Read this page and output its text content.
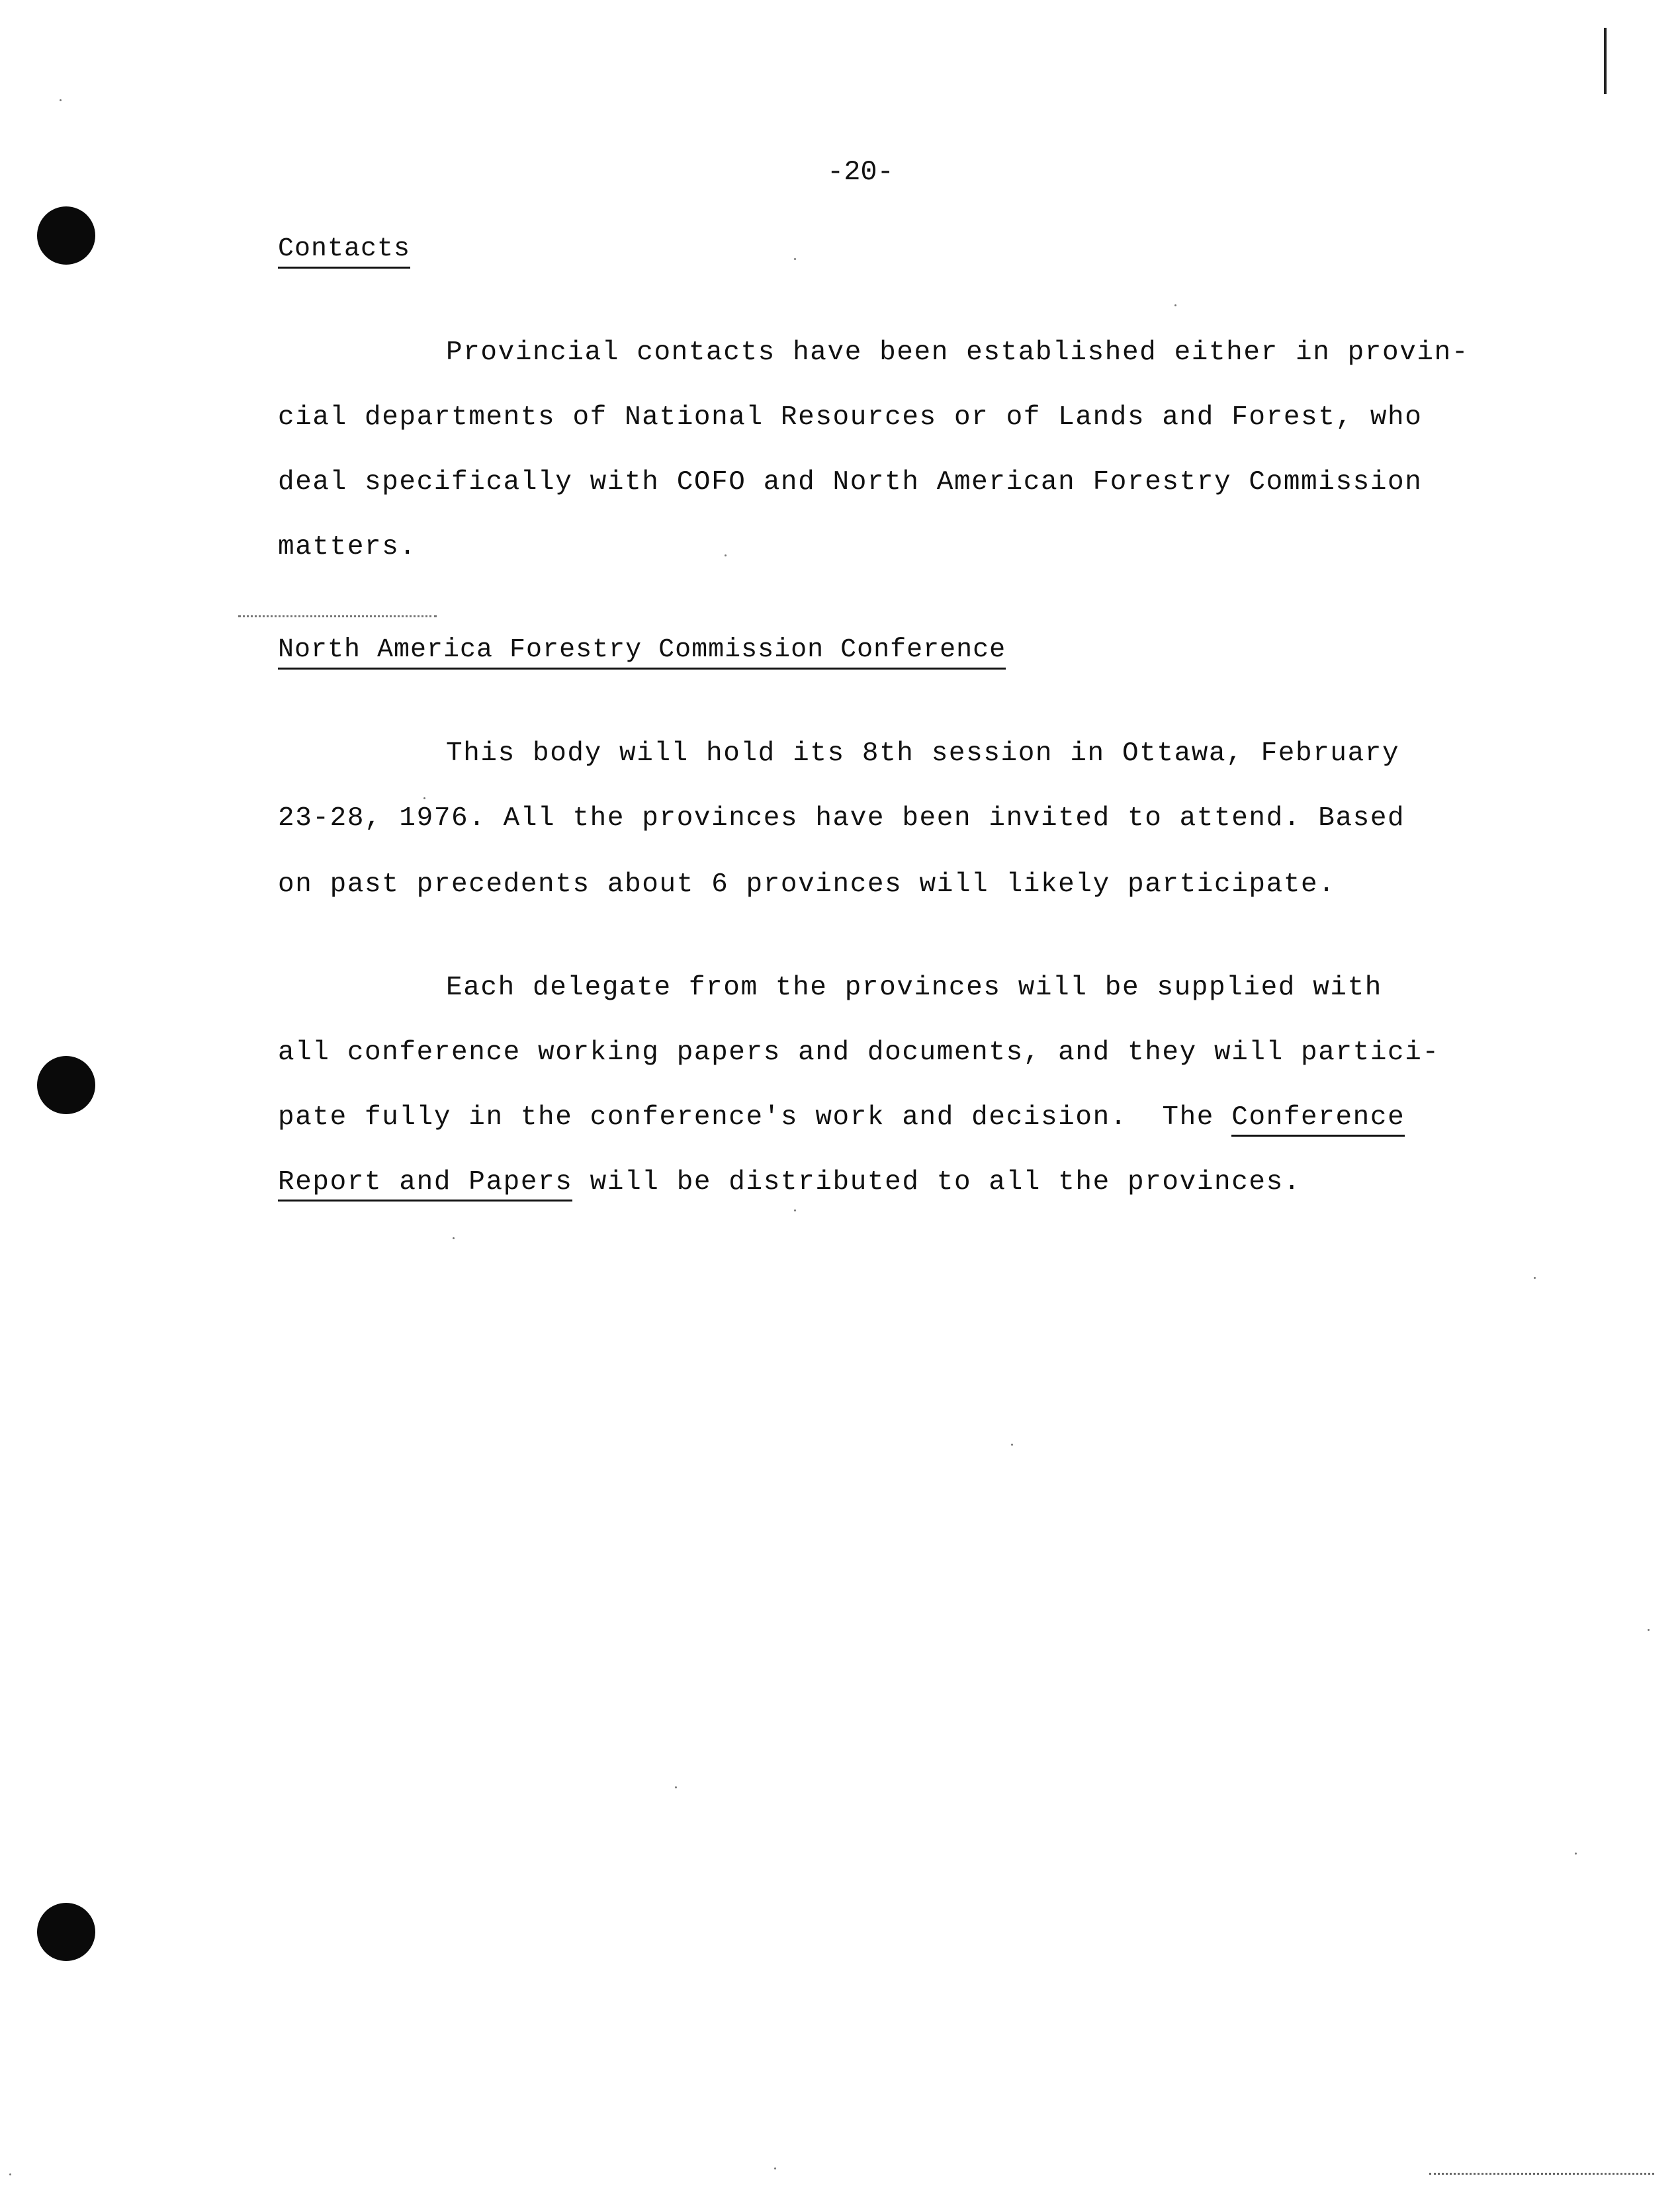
-20-
Contacts
Provincial contacts have been established either in provin-
cial departments of National Resources or of Lands and Forest, who
deal specifically with COFO and North American Forestry Commission
matters.
North America Forestry Commission Conference
This body will hold its 8th session in Ottawa, February
23-28, 1976. All the provinces have been invited to attend. Based
on past precedents about 6 provinces will likely participate.
Each delegate from the provinces will be supplied with
all conference working papers and documents, and they will partici-
pate fully in the conference's work and decision.  The Conference
Report and Papers will be distributed to all the provinces.
